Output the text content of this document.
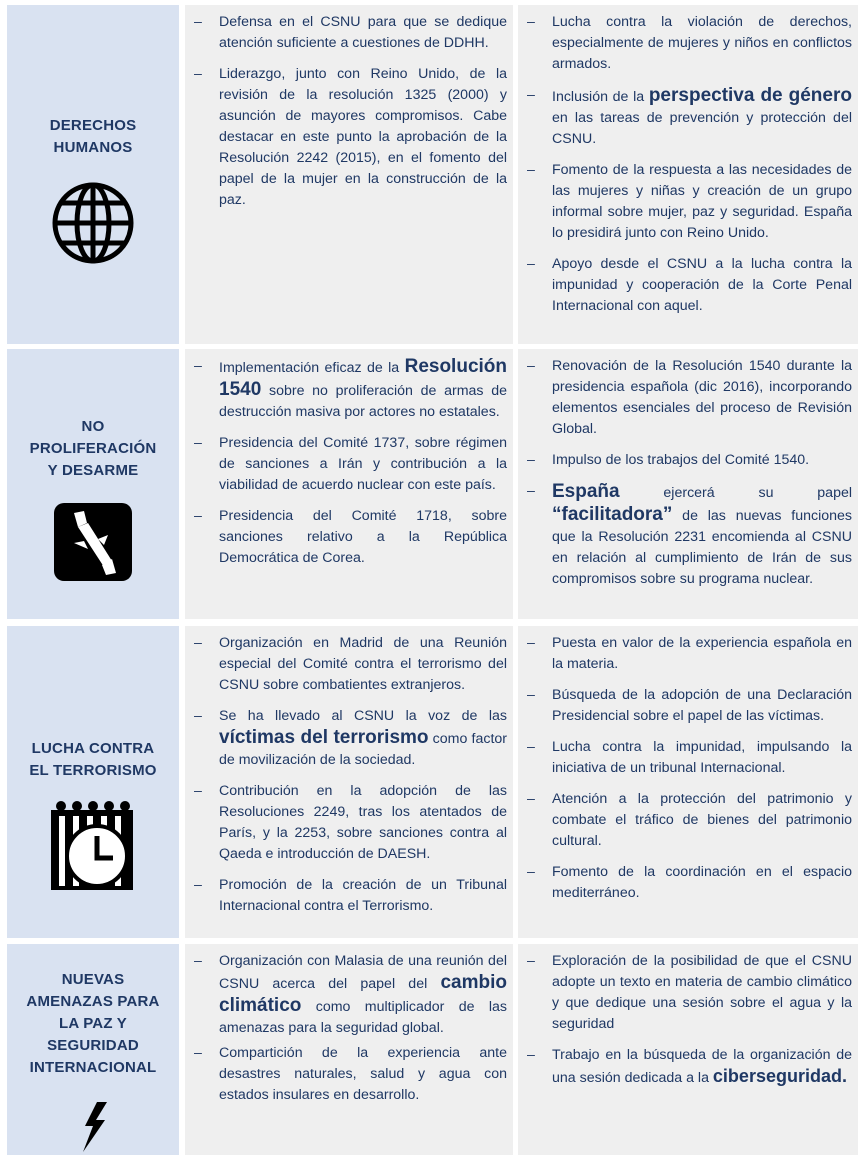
DERECHOS
HUMANOS
– Defensa en el CSNU para que se dedique atención suficiente a cuestiones de DDHH.
– Liderazgo, junto con Reino Unido, de la revisión de la resolución 1325 (2000) y asunción de mayores compromisos. Cabe destacar en este punto la aprobación de la Resolución 2242 (2015), en el fomento del papel de la mujer en la construcción de la paz.
– Lucha contra la violación de derechos, especialmente de mujeres y niños en conflictos armados.
– Inclusión de la perspectiva de género en las tareas de prevención y protección del CSNU.
– Fomento de la respuesta a las necesidades de las mujeres y niñas y creación de un grupo informal sobre mujer, paz y seguridad. España lo presidirá junto con Reino Unido.
– Apoyo desde el CSNU a la lucha contra la impunidad y cooperación de la Corte Penal Internacional con aquel.
NO
PROLIFERACIÓN
Y DESARME
– Implementación eficaz de la Resolución 1540 sobre no proliferación de armas de destrucción masiva por actores no estatales.
– Presidencia del Comité 1737, sobre régimen de sanciones a Irán y contribución a la viabilidad de acuerdo nuclear con este país.
– Presidencia del Comité 1718, sobre sanciones relativo a la República Democrática de Corea.
– Renovación de la Resolución 1540 durante la presidencia española (dic 2016), incorporando elementos esenciales del proceso de Revisión Global.
– Impulso de los trabajos del Comité 1540.
– España ejercerá su papel “facilitadora” de las nuevas funciones que la Resolución 2231 encomienda al CSNU en relación al cumplimiento de Irán de sus compromisos sobre su programa nuclear.
LUCHA CONTRA
EL TERRORISMO
– Organización en Madrid de una Reunión especial del Comité contra el terrorismo del CSNU sobre combatientes extranjeros.
– Se ha llevado al CSNU la voz de las víctimas del terrorismo como factor de movilización de la sociedad.
– Contribución en la adopción de las Resoluciones 2249, tras los atentados de París, y la 2253, sobre sanciones contra al Qaeda e introducción de DAESH.
– Promoción de la creación de un Tribunal Internacional contra el Terrorismo.
– Puesta en valor de la experiencia española en la materia.
– Búsqueda de la adopción de una Declaración Presidencial sobre el papel de las víctimas.
– Lucha contra la impunidad, impulsando la iniciativa de un tribunal Internacional.
– Atención a la protección del patrimonio y combate el tráfico de bienes del patrimonio cultural.
– Fomento de la coordinación en el espacio mediterráneo.
NUEVAS
AMENAZAS PARA
LA PAZ Y
SEGURIDAD
INTERNACIONAL
– Organización con Malasia de una reunión del CSNU acerca del papel del cambio climático como multiplicador de las amenazas para la seguridad global.
– Compartición de la experiencia ante desastres naturales, salud y agua con estados insulares en desarrollo.
– Exploración de la posibilidad de que el CSNU adopte un texto en materia de cambio climático y que dedique una sesión sobre el agua y la seguridad
– Trabajo en la búsqueda de la organización de una sesión dedicada a la ciberseguridad.
